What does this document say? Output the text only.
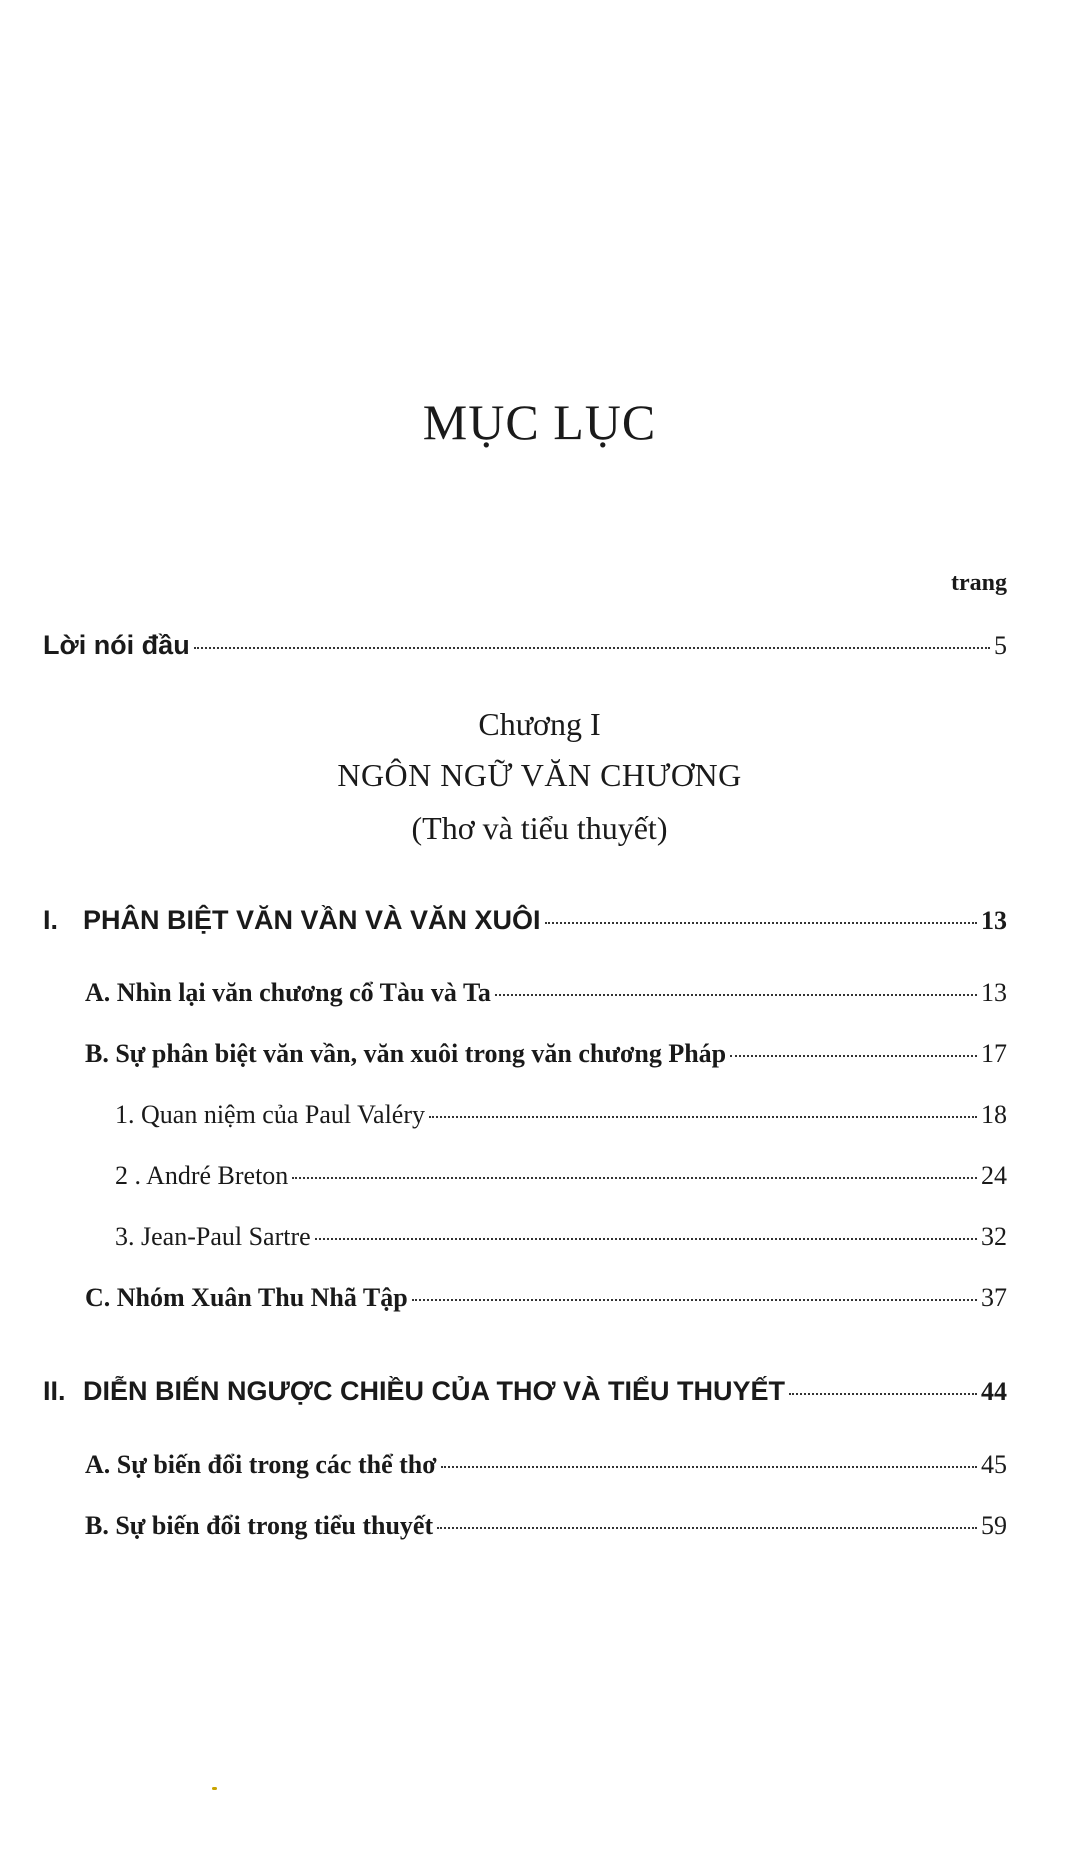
MỤC LỤC
trang
Lời nói đầu	5
Chương I
NGÔN NGỮ VĂN CHƯƠNG
(Thơ và tiểu thuyết)
I. PHÂN BIỆT VĂN VẦN VÀ VĂN XUÔI	13
A. Nhìn lại văn chương cổ Tàu và Ta	13
B. Sự phân biệt văn vần, văn xuôi trong văn chương Pháp	17
1. Quan niệm của Paul Valéry	18
2 . André Breton	24
3. Jean-Paul Sartre	32
C. Nhóm Xuân Thu Nhã Tập	37
II. DIỄN BIẾN NGƯỢC CHIỀU CỦA THƠ VÀ TIỂU THUYẾT	44
A. Sự biến đổi trong các thể thơ	45
B. Sự biến đổi trong tiểu thuyết	59
